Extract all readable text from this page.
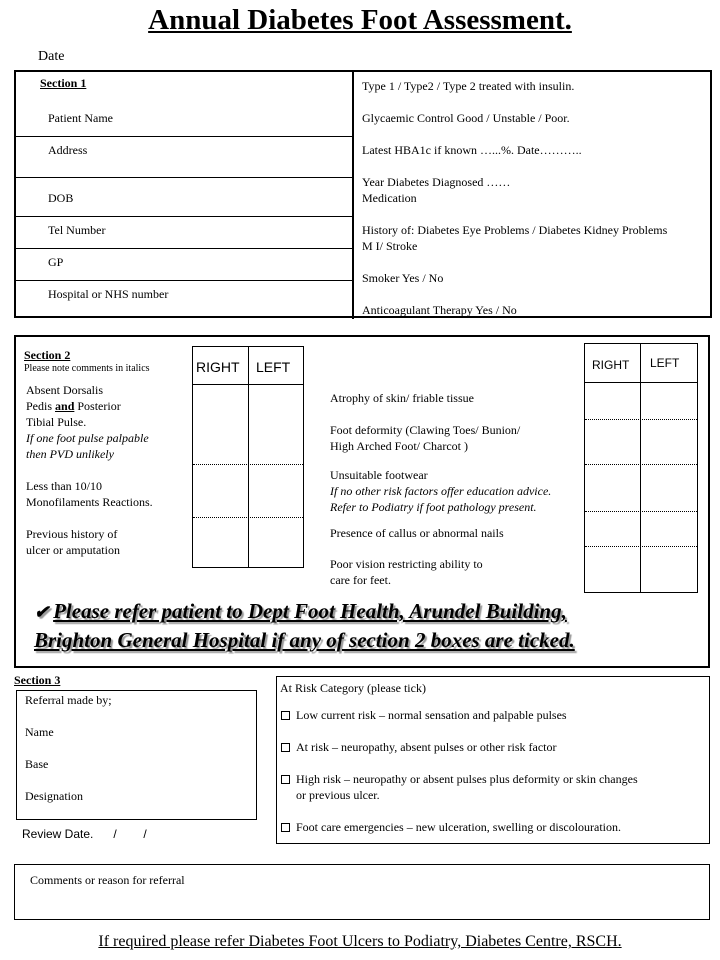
Annual Diabetes Foot Assessment.
Date
Section 1
Patient Name
Address
DOB
Tel Number
GP
Hospital or NHS number
Type 1 / Type2 / Type 2 treated with insulin.
Glycaemic Control Good / Unstable / Poor.
Latest HBA1c if known …...%. Date………..
Year Diabetes Diagnosed ……
Medication
History of: Diabetes Eye Problems / Diabetes Kidney Problems
M I/ Stroke
Smoker Yes / No
Anticoagulant Therapy Yes / No
Section 2
Please note comments in italics	RIGHT LEFT	RIGHT LEFT
Absent Dorsalis
Pedis and Posterior
Tibial Pulse.
If one foot pulse palpable
then PVD unlikely
Less than 10/10
Monofilaments Reactions.
Previous history of
ulcer or amputation
Atrophy of skin/ friable tissue
Foot deformity (Clawing Toes/ Bunion/
High Arched Foot/ Charcot )
Unsuitable footwear
If no other risk factors offer education advice.
Refer to Podiatry if foot pathology present.
Presence of callus or abnormal nails
Poor vision restricting ability to
care for feet.
✔ Please refer patient to Dept Foot Health, Arundel Building,
Brighton General Hospital if any of section 2 boxes are ticked.
Section 3
Referral made by;
Name
Base
Designation
Review Date.      /        /
At Risk Category (please tick)
Low current risk – normal sensation and palpable pulses
At risk – neuropathy, absent pulses or other risk factor
High risk – neuropathy or absent pulses plus deformity or skin changes
or previous ulcer.
Foot care emergencies – new ulceration, swelling or discolouration.
Comments or reason for referral
If required please refer Diabetes Foot Ulcers to Podiatry, Diabetes Centre, RSCH.
